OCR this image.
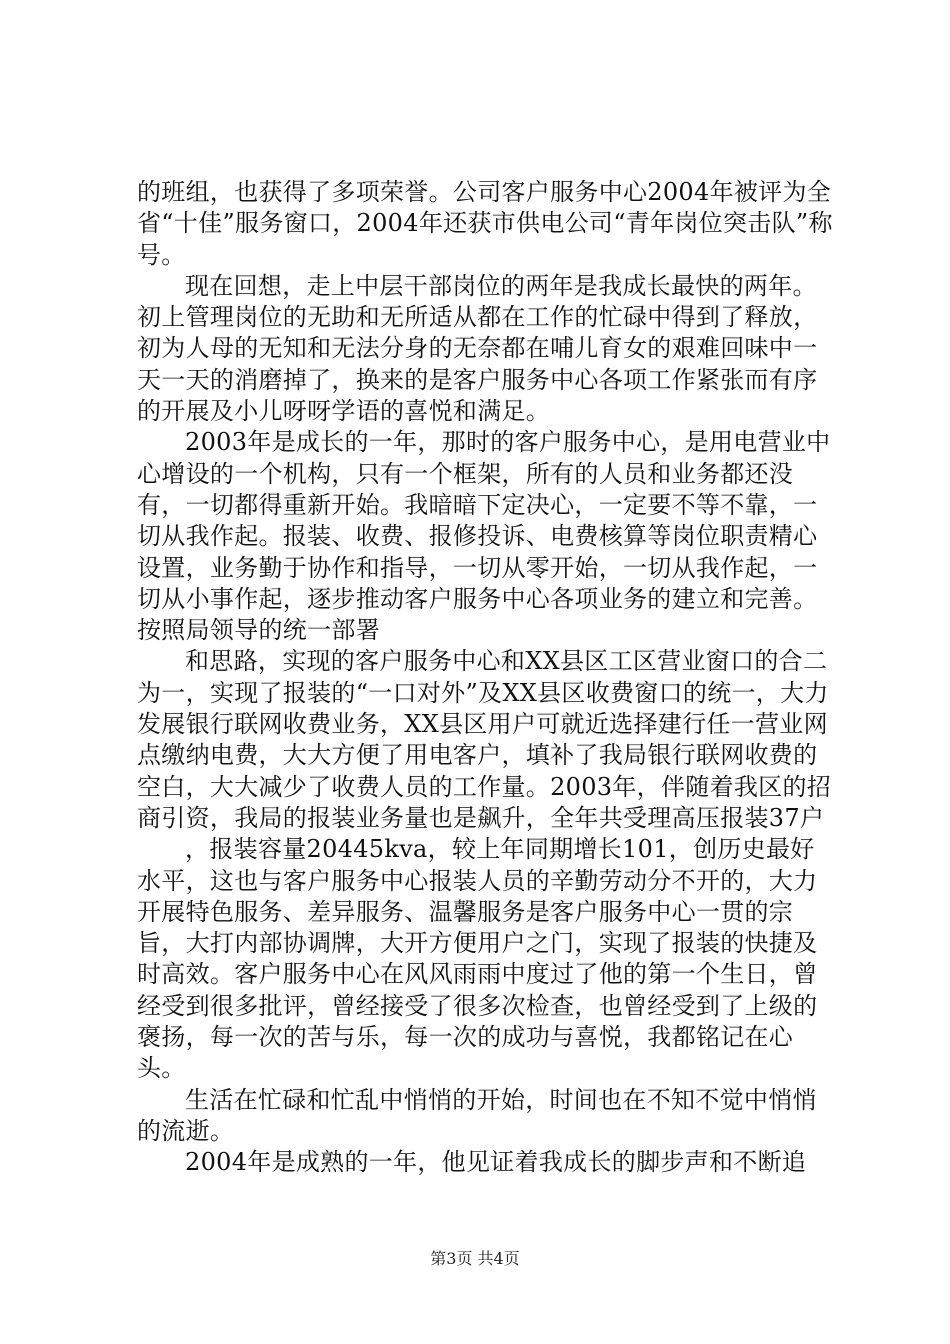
的班组，也获得了多项荣誉。公司客户服务中心2004年被评为全省“十佳”服务窗口，2004年还获市供电公司“青年岗位突击队”称号。

现在回想，走上中层干部岗位的两年是我成长最快的两年。初上管理岗位的无助和无所适从都在工作的忙碌中得到了释放，初为人母的无知和无法分身的无奈都在哺儿育女的艰难回味中一天一天的消磨掉了，换来的是客户服务中心各项工作紧张而有序的开展及小儿呀呀学语的喜悦和满足。

2003年是成长的一年，那时的客户服务中心，是用电营业中心增设的一个机构，只有一个框架，所有的人员和业务都还没有，一切都得重新开始。我暗暗下定决心，一定要不等不靠，一切从我作起。报装、收费、报修投诉、电费核算等岗位职责精心设置，业务勤于协作和指导，一切从零开始，一切从我作起，一切从小事作起，逐步推动客户服务中心各项业务的建立和完善。按照局领导的统一部署

和思路，实现的客户服务中心和XX县区工区营业窗口的合二为一，实现了报装的“一口对外”及XX县区收费窗口的统一，大力发展银行联网收费业务，XX县区用户可就近选择建行任一营业网点缴纳电费，大大方便了用电客户，填补了我局银行联网收费的空白，大大减少了收费人员的工作量。2003年，伴随着我区的招商引资，我局的报装业务量也是飙升，全年共受理高压报装37户

，报装容量20445kva，较上年同期增长101，创历史最好水平，这也与客户服务中心报装人员的辛勤劳动分不开的，大力开展特色服务、差异服务、温馨服务是客户服务中心一贯的宗旨，大打内部协调牌，大开方便用户之门，实现了报装的快捷及时高效。客户服务中心在风风雨雨中度过了他的第一个生日，曾经受到很多批评，曾经接受了很多次检查，也曾经受到了上级的褒扬，每一次的苦与乐，每一次的成功与喜悦，我都铭记在心头。

生活在忙碌和忙乱中悄悄的开始，时间也在不知不觉中悄悄的流逝。

2004年是成熟的一年，他见证着我成长的脚步声和不断追

第3页 共4页
